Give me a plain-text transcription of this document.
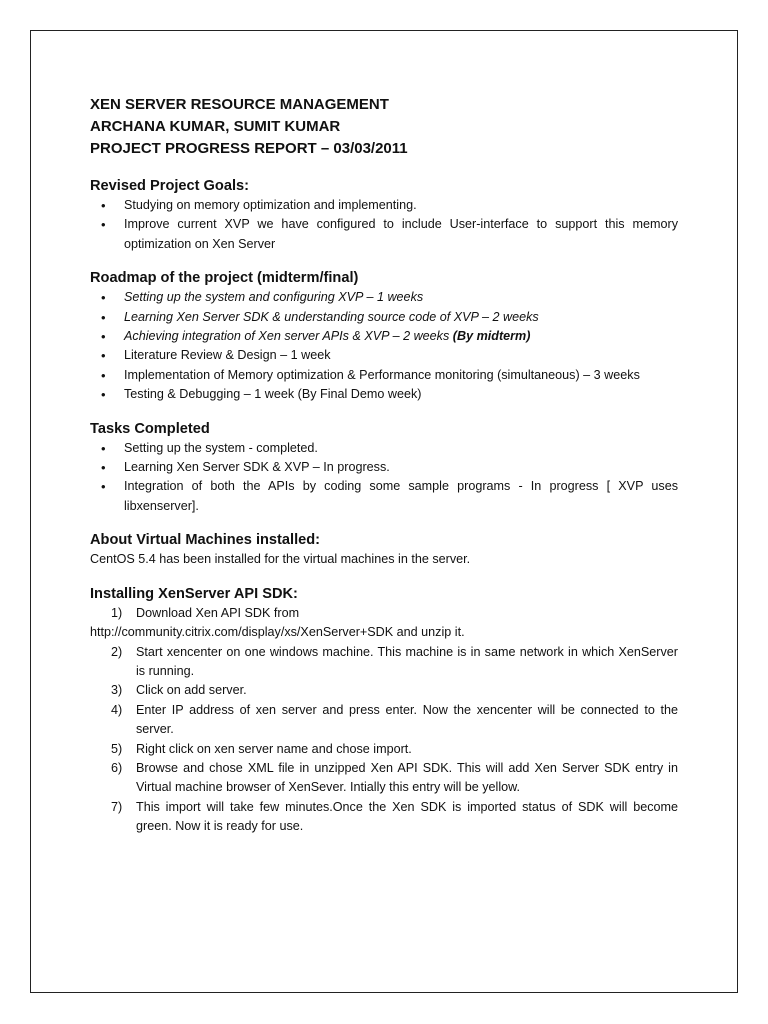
XEN SERVER RESOURCE MANAGEMENT
ARCHANA KUMAR, SUMIT KUMAR
PROJECT PROGRESS REPORT – 03/03/2011
Revised Project Goals:
• Studying on memory optimization and implementing.
• Improve current XVP we have configured to include User-interface to support this memory optimization on Xen Server
Roadmap of the project (midterm/final)
• Setting up the system and configuring XVP – 1 weeks
• Learning Xen Server SDK & understanding source code of XVP – 2 weeks
• Achieving integration of Xen server APIs & XVP – 2 weeks (By midterm)
• Literature Review & Design – 1 week
• Implementation of Memory optimization & Performance monitoring (simultaneous) – 3 weeks
• Testing & Debugging – 1 week (By Final Demo week)
Tasks Completed
• Setting up the system - completed.
• Learning Xen Server SDK & XVP – In progress.
• Integration of both the APIs by coding some sample programs - In progress [ XVP uses libxenserver].
About Virtual Machines installed:

CentOS 5.4 has been installed for the virtual machines in the server.

Installing XenServer API SDK:
1) Download Xen API SDK from

http://community.citrix.com/display/xs/XenServer+SDK and unzip it.

2) Start xencenter on one windows machine. This machine is in same network in which XenServer is running.
3) Click on add server.
4) Enter IP address of xen server and press enter. Now the xencenter will be connected to the server.
5) Right click on xen server name and chose import.
6) Browse and chose XML file in unzipped Xen API SDK. This will add Xen Server SDK entry in Virtual machine browser of XenSever. Intially this entry will be yellow.
7) This import will take few minutes.Once the Xen SDK is imported status of SDK will become green. Now it is ready for use.
